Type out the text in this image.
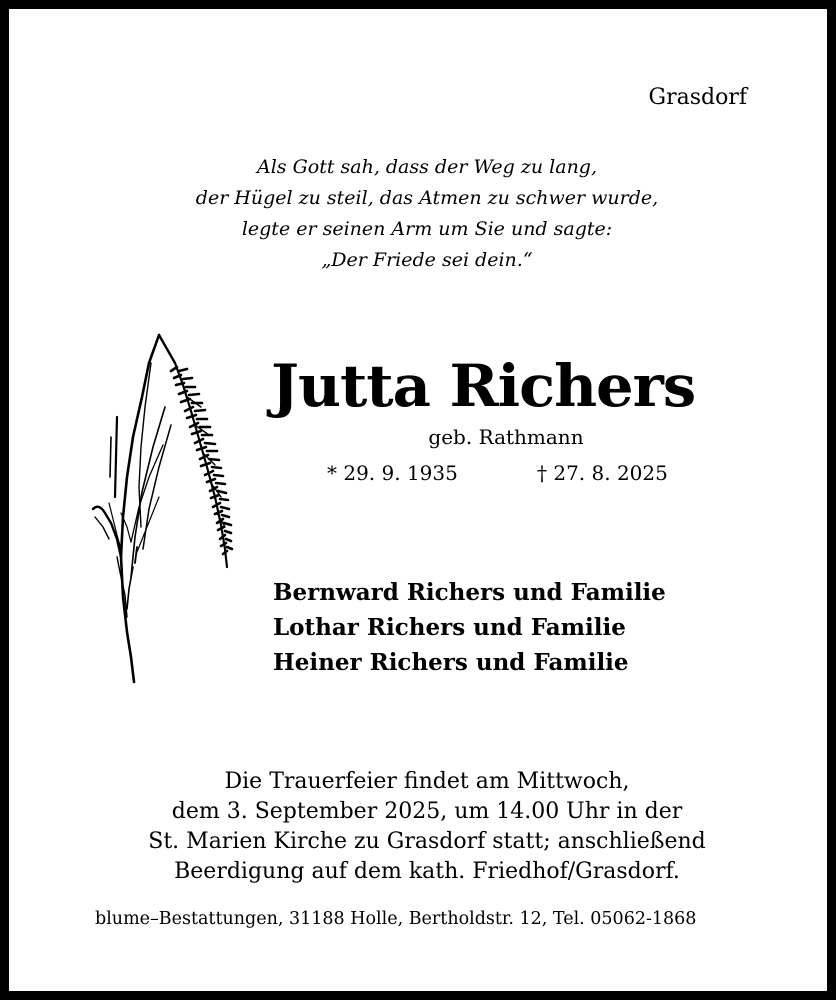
Grasdorf
Als Gott sah, dass der Weg zu lang,
der Hügel zu steil, das Atmen zu schwer wurde,
legte er seinen Arm um Sie und sagte:
„Der Friede sei dein.“
Jutta Richers
geb. Rathmann
* 29. 9. 1935	† 27. 8. 2025
Bernward Richers und Familie
Lothar Richers und Familie
Heiner Richers und Familie
Die Trauerfeier findet am Mittwoch,
dem 3. September 2025, um 14.00 Uhr in der
St. Marien Kirche zu Grasdorf statt; anschließend
Beerdigung auf dem kath. Friedhof/Grasdorf.
blume–Bestattungen, 31188 Holle, Bertholdstr. 12, Tel. 05062-1868
